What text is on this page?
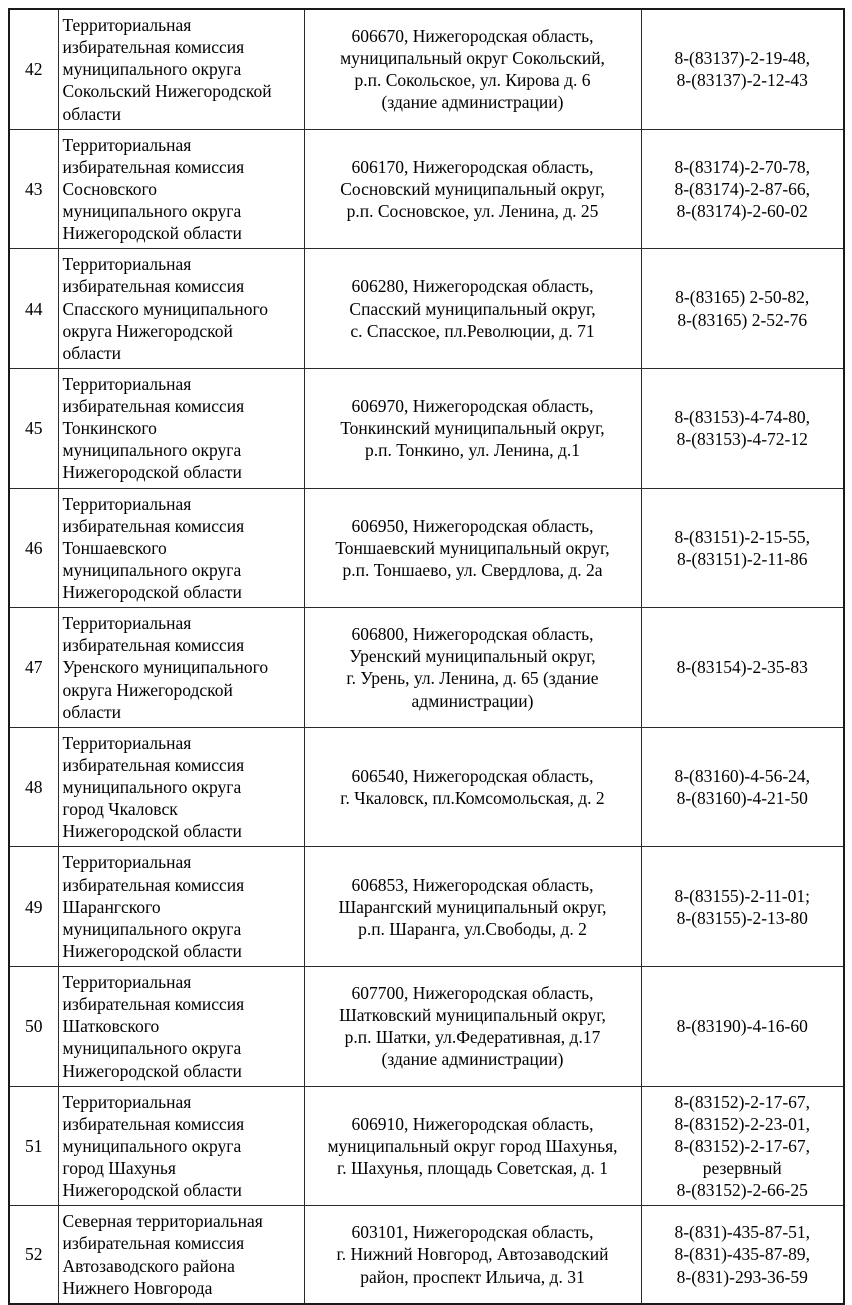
42	Территориальная
избирательная комиссия
муниципального округа
Сокольский Нижегородской
области	606670, Нижегородская область,
муниципальный округ Сокольский,
р.п. Сокольское, ул. Кирова д. 6
(здание администрации)	8-(83137)-2-19-48,
8-(83137)-2-12-43

43	Территориальная
избирательная комиссия
Сосновского
муниципального округа
Нижегородской области	606170, Нижегородская область,
Сосновский муниципальный округ,
р.п. Сосновское, ул. Ленина, д. 25	8-(83174)-2-70-78,
8-(83174)-2-87-66,
8-(83174)-2-60-02

44	Территориальная
избирательная комиссия
Спасского муниципального
округа Нижегородской
области	606280, Нижегородская область,
Спасский муниципальный округ,
с. Спасское, пл.Революции, д. 71	8-(83165) 2-50-82,
8-(83165) 2-52-76

45	Территориальная
избирательная комиссия
Тонкинского
муниципального округа
Нижегородской области	606970, Нижегородская область,
Тонкинский муниципальный округ,
р.п. Тонкино, ул. Ленина, д.1	8-(83153)-4-74-80,
8-(83153)-4-72-12

46	Территориальная
избирательная комиссия
Тоншаевского
муниципального округа
Нижегородской области	606950, Нижегородская область,
Тоншаевский муниципальный округ,
р.п. Тоншаево, ул. Свердлова, д. 2а	8-(83151)-2-15-55,
8-(83151)-2-11-86

47	Территориальная
избирательная комиссия
Уренского муниципального
округа Нижегородской
области	606800, Нижегородская область,
Уренский муниципальный округ,
г. Урень, ул. Ленина, д. 65 (здание
администрации)	8-(83154)-2-35-83

48	Территориальная
избирательная комиссия
муниципального округа
город Чкаловск
Нижегородской области	606540, Нижегородская область,
г. Чкаловск, пл.Комсомольская, д. 2	8-(83160)-4-56-24,
8-(83160)-4-21-50

49	Территориальная
избирательная комиссия
Шарангского
муниципального округа
Нижегородской области	606853, Нижегородская область,
Шарангский муниципальный округ,
р.п. Шаранга, ул.Свободы, д. 2	8-(83155)-2-11-01;
8-(83155)-2-13-80

50	Территориальная
избирательная комиссия
Шатковского
муниципального округа
Нижегородской области	607700, Нижегородская область,
Шатковский муниципальный округ,
р.п. Шатки, ул.Федеративная, д.17
(здание администрации)	8-(83190)-4-16-60

51	Территориальная
избирательная комиссия
муниципального округа
город Шахунья
Нижегородской области	606910, Нижегородская область,
муниципальный округ город Шахунья,
г. Шахунья, площадь Советская, д. 1	8-(83152)-2-17-67,
8-(83152)-2-23-01,
8-(83152)-2-17-67,
резервный
8-(83152)-2-66-25

52	Северная территориальная
избирательная комиссия
Автозаводского района
Нижнего Новгорода	603101, Нижегородская область,
г. Нижний Новгород, Автозаводский
район, проспект Ильича, д. 31	8-(831)-435-87-51,
8-(831)-435-87-89,
8-(831)-293-36-59
